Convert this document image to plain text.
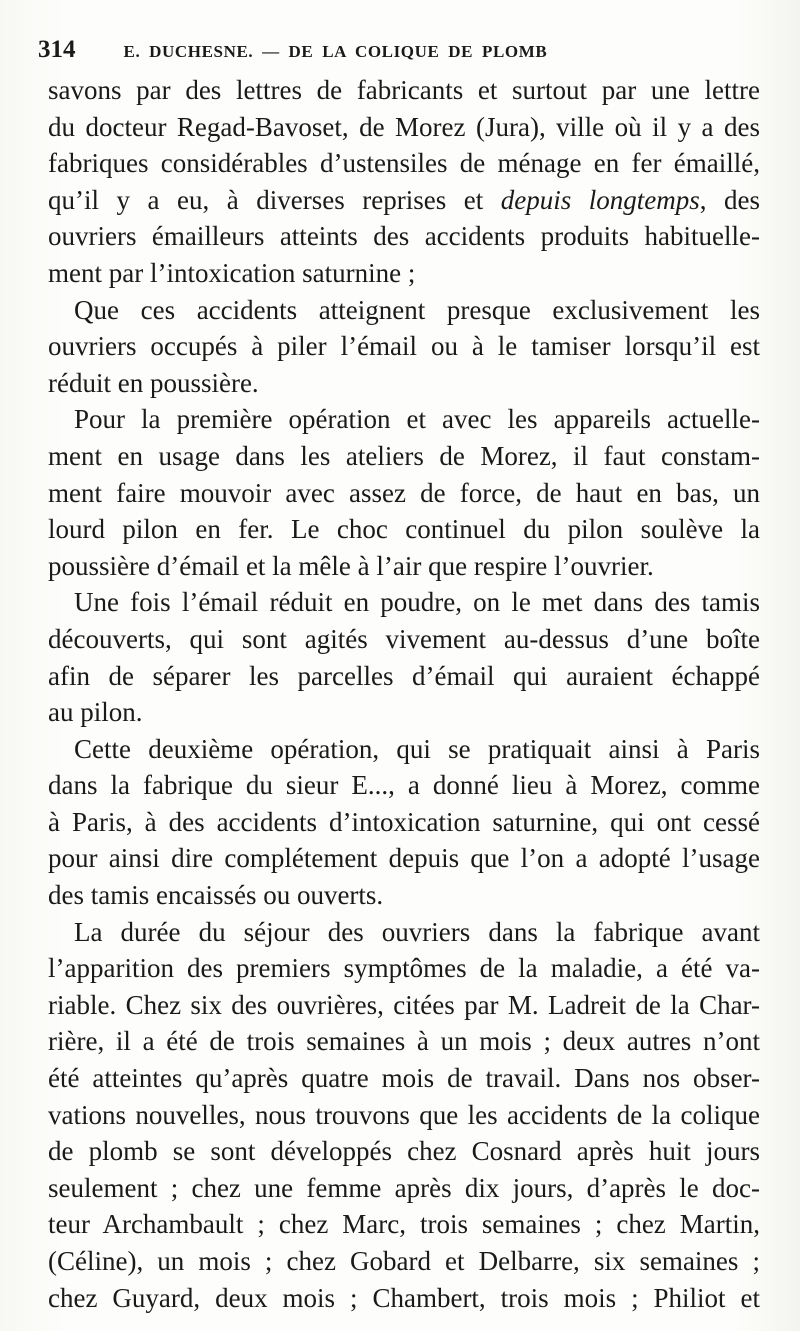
314	E. DUCHESNE. — DE LA COLIQUE DE PLOMB
savons par des lettres de fabricants et surtout par une lettre
du docteur Regad-Bavoset, de Morez (Jura), ville où il y a des
fabriques considérables d’ustensiles de ménage en fer émaillé,
qu’il y a eu, à diverses reprises et depuis longtemps, des
ouvriers émailleurs atteints des accidents produits habituelle-
ment par l’intoxication saturnine ;
Que ces accidents atteignent presque exclusivement les
ouvriers occupés à piler l’émail ou à le tamiser lorsqu’il est
réduit en poussière.
Pour la première opération et avec les appareils actuelle-
ment en usage dans les ateliers de Morez, il faut constam-
ment faire mouvoir avec assez de force, de haut en bas, un
lourd pilon en fer. Le choc continuel du pilon soulève la
poussière d’émail et la mêle à l’air que respire l’ouvrier.
Une fois l’émail réduit en poudre, on le met dans des tamis
découverts, qui sont agités vivement au-dessus d’une boîte
afin de séparer les parcelles d’émail qui auraient échappé
au pilon.
Cette deuxième opération, qui se pratiquait ainsi à Paris
dans la fabrique du sieur E..., a donné lieu à Morez, comme
à Paris, à des accidents d’intoxication saturnine, qui ont cessé
pour ainsi dire complétement depuis que l’on a adopté l’usage
des tamis encaissés ou ouverts.
La durée du séjour des ouvriers dans la fabrique avant
l’apparition des premiers symptômes de la maladie, a été va-
riable. Chez six des ouvrières, citées par M. Ladreit de la Char-
rière, il a été de trois semaines à un mois ; deux autres n’ont
été atteintes qu’après quatre mois de travail. Dans nos obser-
vations nouvelles, nous trouvons que les accidents de la colique
de plomb se sont développés chez Cosnard après huit jours
seulement ; chez une femme après dix jours, d’après le doc-
teur Archambault ; chez Marc, trois semaines ; chez Martin,
(Céline), un mois ; chez Gobard et Delbarre, six semaines ;
chez Guyard, deux mois ; Chambert, trois mois ; Philiot et
